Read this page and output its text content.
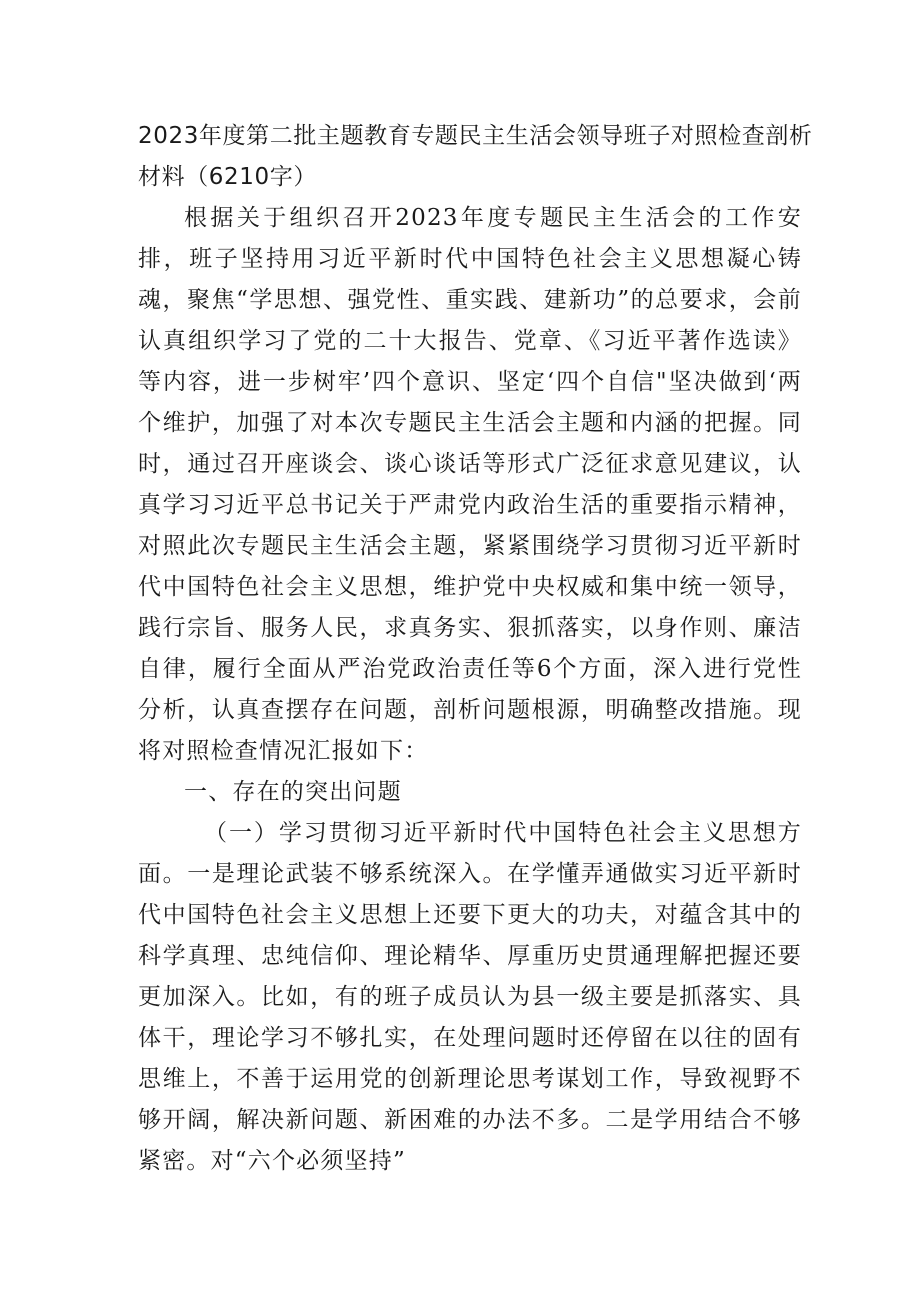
2023年度第二批主题教育专题民主生活会领导班子对照检查剖析
材料（6210字）

根据关于组织召开2023年度专题民主生活会的工作安排，班子坚持用习近平新时代中国特色社会主义思想凝心铸魂，聚焦“学思想、强党性、重实践、建新功”的总要求，会前认真组织学习了党的二十大报告、党章、《习近平著作选读》等内容，进一步树牢’四个意识、坚定‘四个自信"坚决做到‘两个维护，加强了对本次专题民主生活会主题和内涵的把握。同时，通过召开座谈会、谈心谈话等形式广泛征求意见建议，认真学习习近平总书记关于严肃党内政治生活的重要指示精神，对照此次专题民主生活会主题，紧紧围绕学习贯彻习近平新时代中国特色社会主义思想，维护党中央权威和集中统一领导，践行宗旨、服务人民，求真务实、狠抓落实，以身作则、廉洁自律，履行全面从严治党政治责任等6个方面，深入进行党性分析，认真查摆存在问题，剖析问题根源，明确整改措施。现将对照检查情况汇报如下：

一、存在的突出问题

（一）学习贯彻习近平新时代中国特色社会主义思想方面。一是理论武装不够系统深入。在学懂弄通做实习近平新时代中国特色社会主义思想上还要下更大的功夫，对蕴含其中的科学真理、忠纯信仰、理论精华、厚重历史贯通理解把握还要更加深入。比如，有的班子成员认为县一级主要是抓落实、具体干，理论学习不够扎实，在处理问题时还停留在以往的固有思维上，不善于运用党的创新理论思考谋划工作，导致视野不够开阔，解决新问题、新困难的办法不多。二是学用结合不够紧密。对“六个必须坚持”
